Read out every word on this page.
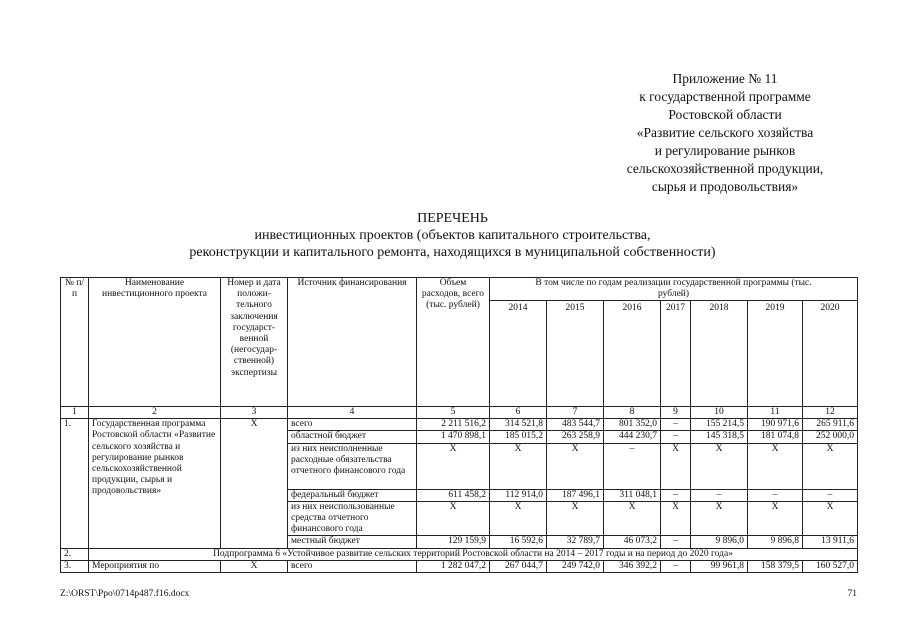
Приложение № 11
к государственной программе
Ростовской области
«Развитие сельского хозяйства
и регулирование рынков
сельскохозяйственной продукции,
сырья и продовольствия»
ПЕРЕЧЕНЬ
инвестиционных проектов (объектов капитального строительства,
реконструкции и капитального ремонта, находящихся в муниципальной собственности)
№ п/п	Наименование инвестиционного проекта	Номер и дата положи-тельного заключения государст-венной (негосудар-ственной) экспертизы	Источник финансирования	Объем расходов, всего (тыс. рублей)	В том числе по годам реализации государственной программы (тыс. рублей)						
					2014	2015	2016	2017	2018	2019	2020
1	2	3	4	5	6	7	8	9	10	11	12
1.	Государственная программа Ростовской области «Развитие сельского хозяйства и регулирование рынков сельскохозяйственной продукции, сырья и продовольствия»	Х	всего	2 211 516,2	314 521,8	483 544,7	801 352,0	–	155 214,5	190 971,6	265 911,6
			областной бюджет	1 470 898,1	185 015,2	263 258,9	444 230,7	–	145 318,5	181 074,8	252 000,0
			из них неисполненные расходные обязательства отчетного финансового года	Х	Х	Х	–	Х	Х	Х	Х
			федеральный бюджет	611 458,2	112 914,0	187 496,1	311 048,1	–	–	–	–
			из них неиспользованные средства отчетного финансового года	Х	Х	Х	Х	Х	Х	Х	Х
			местный бюджет	129 159,9	16 592,6	32 789,7	46 073,2	–	9 896,0	9 896,8	13 911,6
2.	Подпрограмма 6 «Устойчивое развитие сельских территорий Ростовской области на 2014 – 2017 годы и на период до 2020 года»										
3.	Мероприятия по	Х	всего	1 282 047,2	267 044,7	249 742,0	346 392,2	–	99 961,8	158 379,5	160 527,0
Z:\ORST\Ppo\0714p487.f16.docx	71
